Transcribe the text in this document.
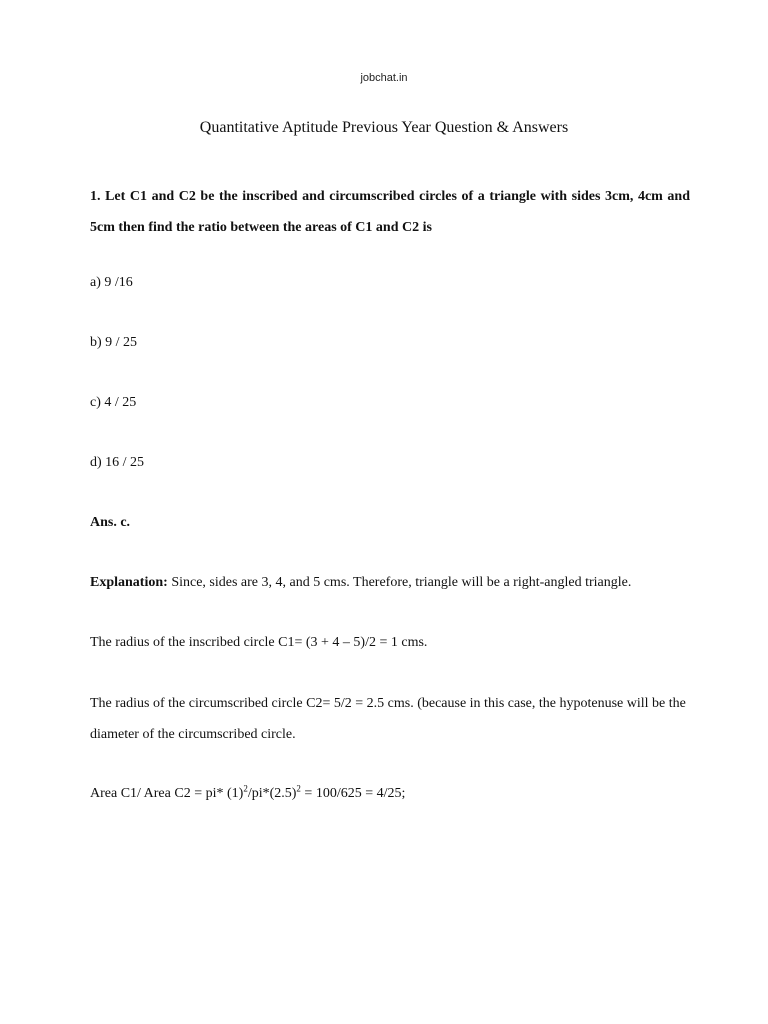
jobchat.in
Quantitative Aptitude Previous Year Question & Answers
1. Let C1 and C2 be the inscribed and circumscribed circles of a triangle with sides 3cm, 4cm and 5cm then find the ratio between the areas of C1 and C2 is
a) 9 /16
b) 9 / 25
c) 4 / 25
d) 16 / 25
Ans. c.
Explanation: Since, sides are 3, 4, and 5 cms. Therefore, triangle will be a right-angled triangle.
The radius of the inscribed circle C1= (3 + 4 – 5)/2 = 1 cms.
The radius of the circumscribed circle C2= 5/2 = 2.5 cms. (because in this case, the hypotenuse will be the diameter of the circumscribed circle.
Area C1/ Area C2 = pi* $(1)^2/pi*(2.5)^2 = 100/625 = 4/25$;
